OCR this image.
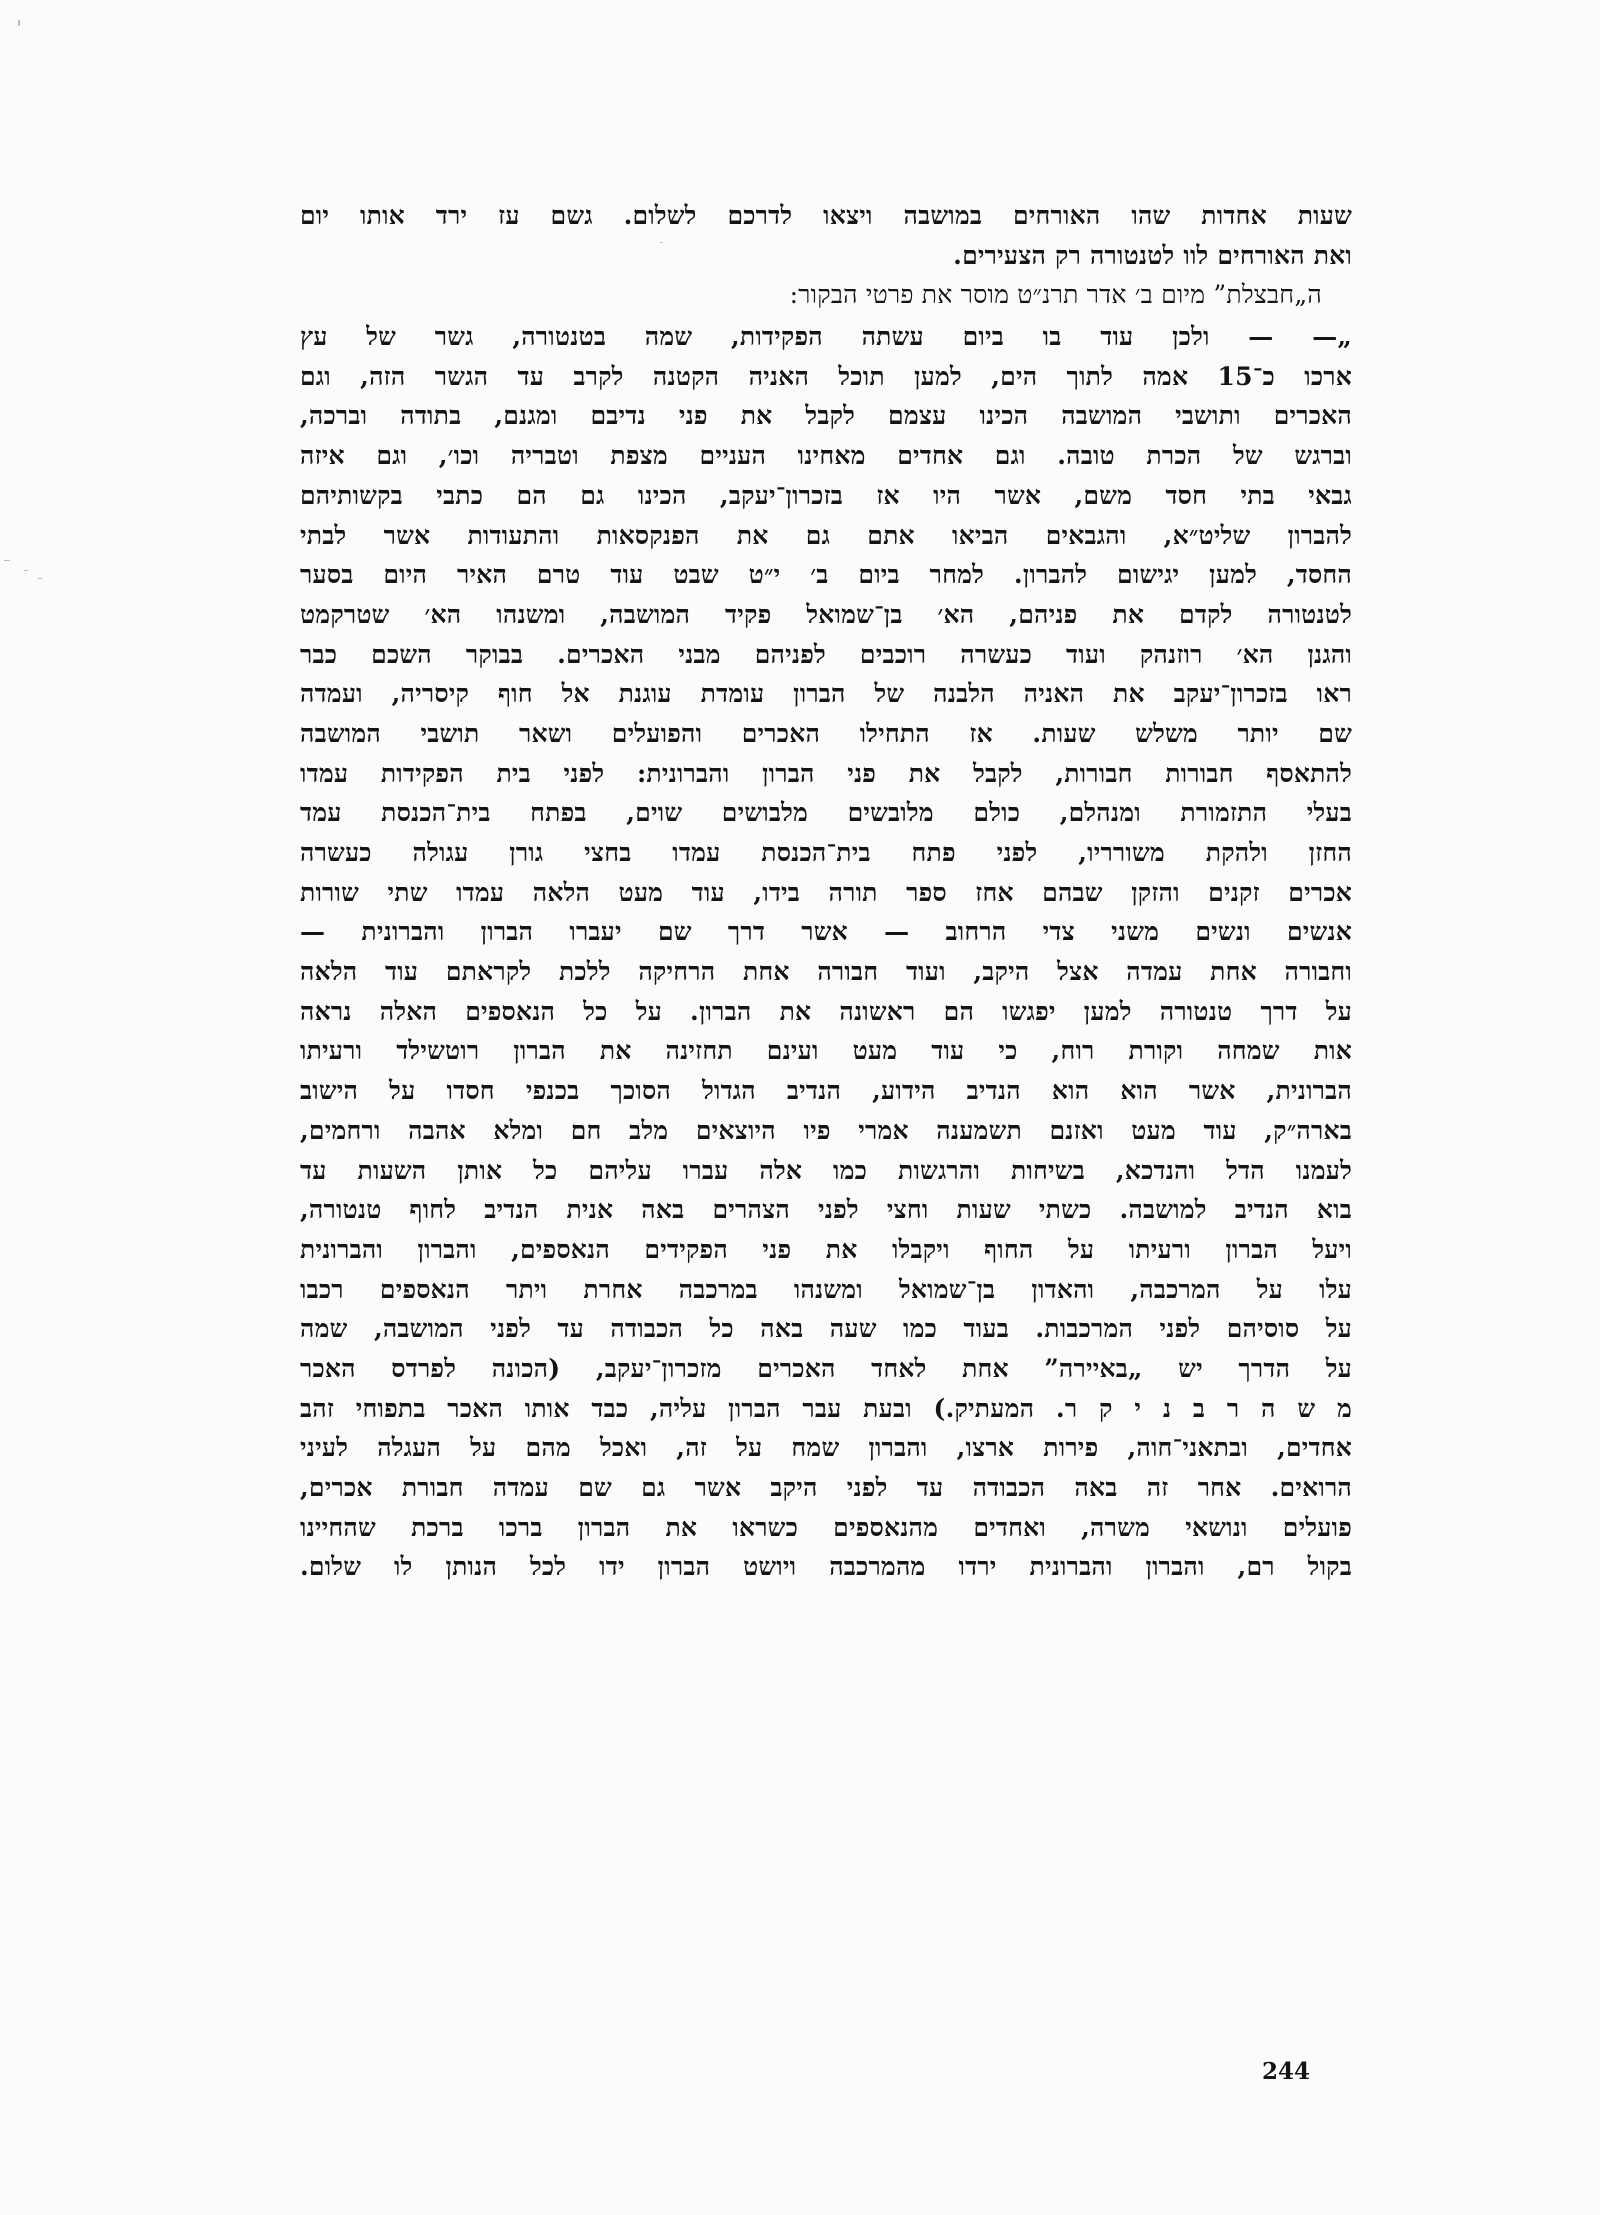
שעות אחדות שהו האורחים במושבה ויצאו לדרכם לשלום. גשם עז ירד אותו יום
ואת האורחים לוו לטנטורה רק הצעירים.
ה„חבצלת” מיום ב׳ אדר תרנ״ט מוסר את פרטי הבקור:
„— — ולכן עוד בו ביום עשתה הפקידות, שמה בטנטורה, גשר של עץ
ארכו כ־15 אמה לתוך הים, למען תוכל האניה הקטנה לקרב עד הגשר הזה, וגם
האכרים ותושבי המושבה הכינו עצמם לקבל את פני נדיבם ומגנם, בתודה וברכה,
וברגש של הכרת טובה. וגם אחדים מאחינו העניים מצפת וטבריה וכו׳, וגם איזה
גבאי בתי חסד משם, אשר היו אז בזכרון־יעקב, הכינו גם הם כתבי בקשותיהם
להברון שליט״א, והגבאים הביאו אתם גם את הפנקסאות והתעודות אשר לבתי
החסד, למען יגישום להברון. למחר ביום ב׳ י״ט שבט עוד טרם האיר היום בסער
לטנטורה לקדם את פניהם, הא׳ בן־שמואל פקיד המושבה, ומשנהו הא׳ שטרקמט
והגנן הא׳ רוזנהק ועוד כעשרה רוכבים לפניהם מבני האכרים. בבוקר השכם כבר
ראו בזכרון־יעקב את האניה הלבנה של הברון עומדת עוגנת אל חוף קיסריה, ועמדה
שם יותר משלש שעות. אז התחילו האכרים והפועלים ושאר תושבי המושבה
להתאסף חבורות חבורות, לקבל את פני הברון והברונית: לפני בית הפקידות עמדו
בעלי התזמורת ומנהלם, כולם מלובשים מלבושים שוים, בפתח בית־הכנסת עמד
החזן ולהקת משורריו, לפני פתח בית־הכנסת עמדו בחצי גורן עגולה כעשרה
אכרים זקנים והזקן שבהם אחז ספר תורה בידו, עוד מעט הלאה עמדו שתי שורות
אנשים ונשים משני צדי הרחוב — אשר דרך שם יעברו הברון והברונית —
וחבורה אחת עמדה אצל היקב, ועוד חבורה אחת הרחיקה ללכת לקראתם עוד הלאה
על דרך טנטורה למען יפגשו הם ראשונה את הברון. על כל הנאספים האלה נראה
אות שמחה וקורת רוח, כי עוד מעט ועינם תחזינה את הברון רוטשילד ורעיתו
הברונית, אשר הוא הוא הנדיב הידוע, הנדיב הגדול הסוכך בכנפי חסדו על הישוב
בארה״ק, עוד מעט ואזנם תשמענה אמרי פיו היוצאים מלב חם ומלא אהבה ורחמים,
לעמנו הדל והנדכא, בשיחות והרגשות כמו אלה עברו עליהם כל אותן השעות עד
בוא הנדיב למושבה. כשתי שעות וחצי לפני הצהרים באה אנית הנדיב לחוף טנטורה,
ויעל הברון ורעיתו על החוף ויקבלו את פני הפקידים הנאספים, והברון והברונית
עלו על המרכבה, והאדון בן־שמואל ומשנהו במרכבה אחרת ויתר הנאספים רכבו
על סוסיהם לפני המרכבות. בעוד כמו שעה באה כל הכבודה עד לפני המושבה, שמה
על הדרך יש „באיירה” אחת לאחד האכרים מזכרון־יעקב, (הכונה לפרדס האכר
מ ש ה ר ב נ י ק ר. המעתיק.) ובעת עבר הברון עליה, כבד אותו האכר בתפוחי זהב
אחדים, ובתאני־חוה, פירות ארצו, והברון שמח על זה, ואכל מהם על העגלה לעיני
הרואים. אחר זה באה הכבודה עד לפני היקב אשר גם שם עמדה חבורת אכרים,
פועלים ונושאי משרה, ואחדים מהנאספים כשראו את הברון ברכו ברכת שהחיינו
בקול רם, והברון והברונית ירדו מהמרכבה ויושט הברון ידו לכל הנותן לו שלום.
244
